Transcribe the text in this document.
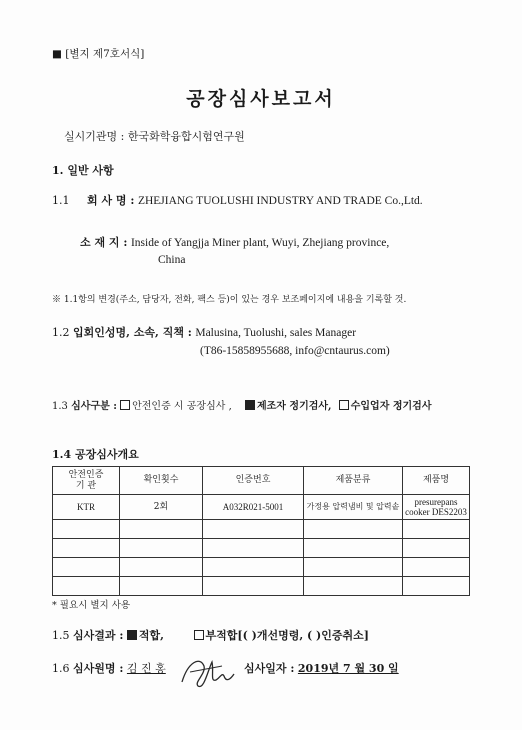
■ [별지 제7호서식]
공장심사보고서
실시기관명 : 한국화학융합시험연구원
1. 일반 사항
1.1 회 사 명 : ZHEJIANG TUOLUSHI INDUSTRY AND TRADE Co.,Ltd.
소 재 지 : Inside of Yangjja Miner plant, Wuyi, Zhejiang province,
China
※ 1.1항의 변경(주소, 담당자, 전화, 팩스 등)이 있는 경우 보조페이지에 내용을 기록할 것.
1.2 입회인성명, 소속, 직책 : Malusina, Tuolushi, sales Manager
(T86-15858955688, info@cntaurus.com)
1.3 심사구분 : 안전인증 시 공장심사 ,	제조자 정기검사, 수입업자 정기검사
1.4 공장심사개요
안전인증
기 관	확인횟수	인증번호	제품분류	제품명
KTR	2회	A032R021-5001	가정용 압력냄비 및 압력솥	presurepans cooker DES2203

* 필요시 별지 사용
1.5 심사결과 : 적합,	부적합[( )개선명령, ( )인증취소]
1.6 심사원명 : 김 진 홍	심사일자 : 2019년 7 월 30 일
